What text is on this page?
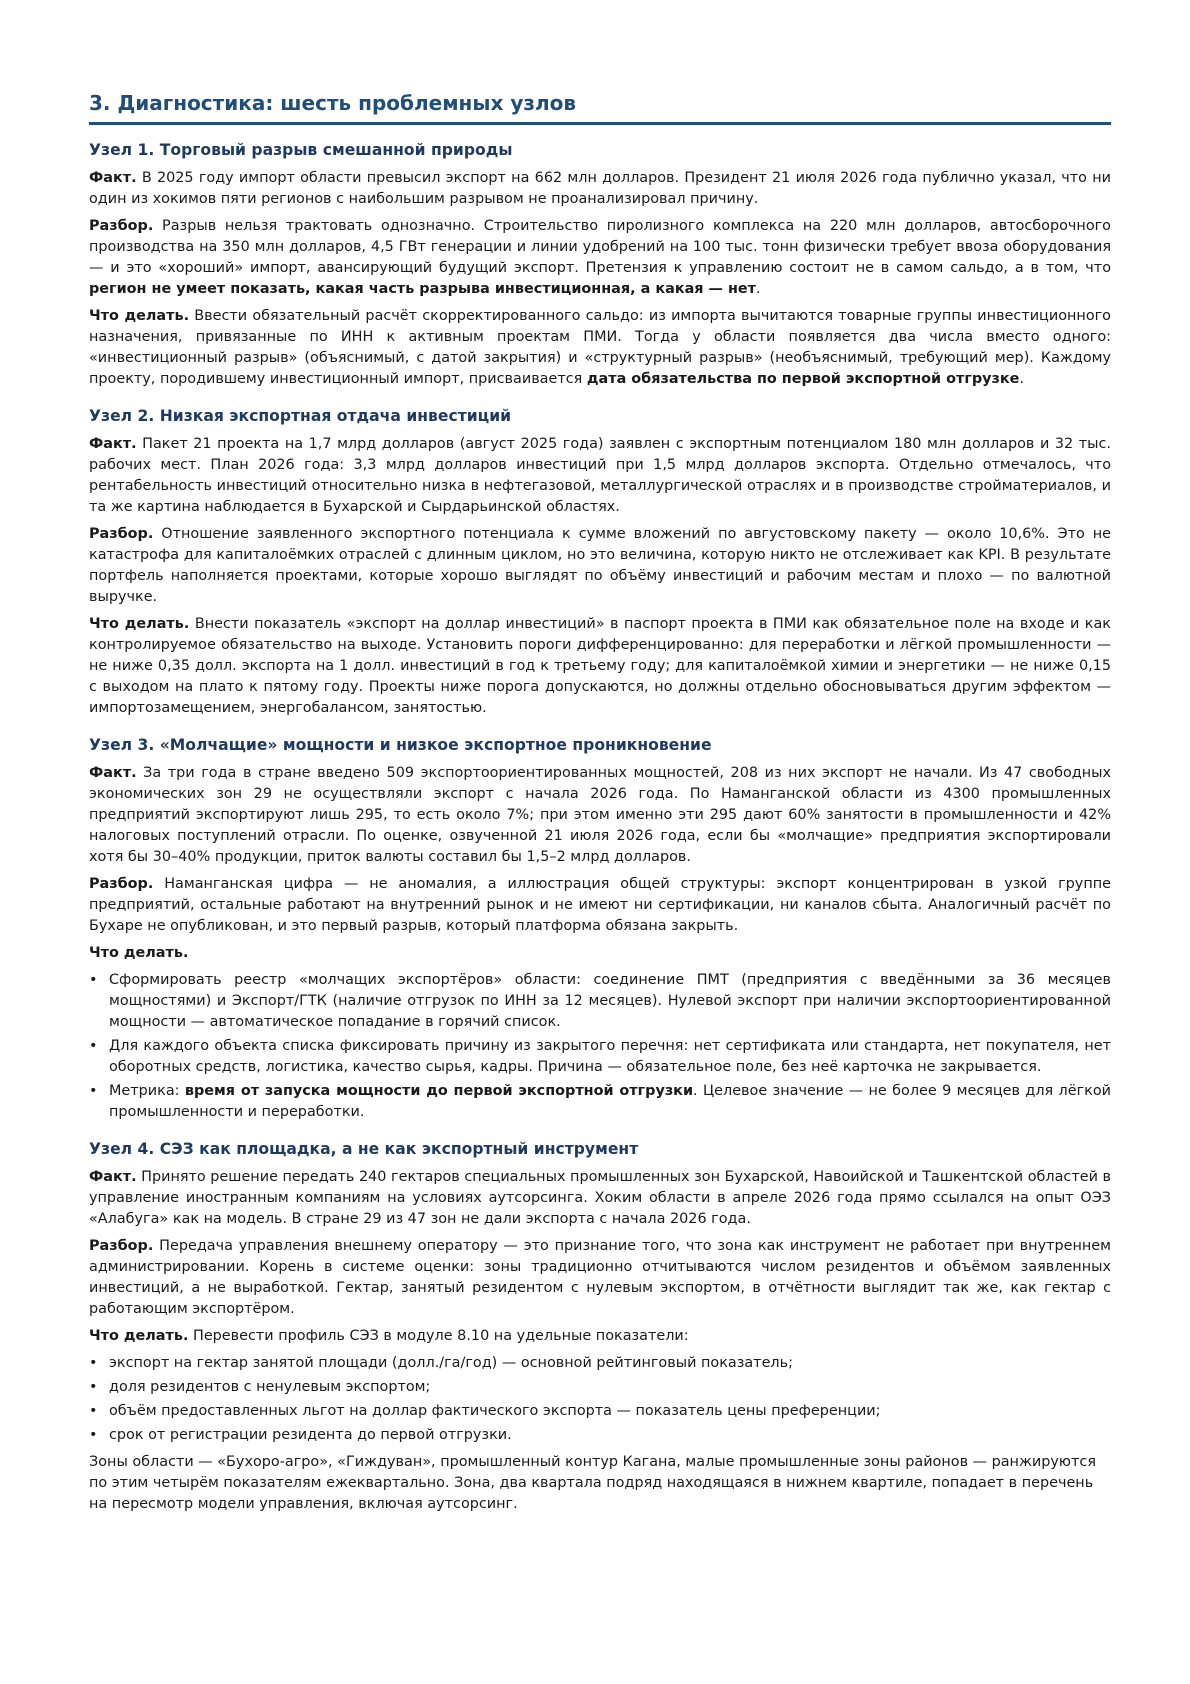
3. Диагностика: шесть проблемных узлов
Узел 1. Торговый разрыв смешанной природы

Факт. В 2025 году импорт области превысил экспорт на 662 млн долларов. Президент 21 июля 2026 года публично указал, что ни один из хокимов пяти регионов с наибольшим разрывом не проанализировал причину.

Разбор. Разрыв нельзя трактовать однозначно. Строительство пиролизного комплекса на 220 млн долларов, автосборочного производства на 350 млн долларов, 4,5 ГВт генерации и линии удобрений на 100 тыс. тонн физически требует ввоза оборудования — и это «хороший» импорт, авансирующий будущий экспорт. Претензия к управлению состоит не в самом сальдо, а в том, что регион не умеет показать, какая часть разрыва инвестиционная, а какая — нет.

Что делать. Ввести обязательный расчёт скорректированного сальдо: из импорта вычитаются товарные группы инвестиционного назначения, привязанные по ИНН к активным проектам ПМИ. Тогда у области появляется два числа вместо одного: «инвестиционный разрыв» (объяснимый, с датой закрытия) и «структурный разрыв» (необъяснимый, требующий мер). Каждому проекту, породившему инвестиционный импорт, присваивается дата обязательства по первой экспортной отгрузке.

Узел 2. Низкая экспортная отдача инвестиций

Факт. Пакет 21 проекта на 1,7 млрд долларов (август 2025 года) заявлен с экспортным потенциалом 180 млн долларов и 32 тыс. рабочих мест. План 2026 года: 3,3 млрд долларов инвестиций при 1,5 млрд долларов экспорта. Отдельно отмечалось, что рентабельность инвестиций относительно низка в нефтегазовой, металлургической отраслях и в производстве стройматериалов, и та же картина наблюдается в Бухарской и Сырдарьинской областях.

Разбор. Отношение заявленного экспортного потенциала к сумме вложений по августовскому пакету — около 10,6%. Это не катастрофа для капиталоёмких отраслей с длинным циклом, но это величина, которую никто не отслеживает как KPI. В результате портфель наполняется проектами, которые хорошо выглядят по объёму инвестиций и рабочим местам и плохо — по валютной выручке.

Что делать. Внести показатель «экспорт на доллар инвестиций» в паспорт проекта в ПМИ как обязательное поле на входе и как контролируемое обязательство на выходе. Установить пороги дифференцированно: для переработки и лёгкой промышленности — не ниже 0,35 долл. экспорта на 1 долл. инвестиций в год к третьему году; для капиталоёмкой химии и энергетики — не ниже 0,15 с выходом на плато к пятому году. Проекты ниже порога допускаются, но должны отдельно обосновываться другим эффектом — импортозамещением, энергобалансом, занятостью.

Узел 3. «Молчащие» мощности и низкое экспортное проникновение

Факт. За три года в стране введено 509 экспортоориентированных мощностей, 208 из них экспорт не начали. Из 47 свободных экономических зон 29 не осуществляли экспорт с начала 2026 года. По Наманганской области из 4300 промышленных предприятий экспортируют лишь 295, то есть около 7%; при этом именно эти 295 дают 60% занятости в промышленности и 42% налоговых поступлений отрасли. По оценке, озвученной 21 июля 2026 года, если бы «молчащие» предприятия экспортировали хотя бы 30–40% продукции, приток валюты составил бы 1,5–2 млрд долларов.

Разбор. Наманганская цифра — не аномалия, а иллюстрация общей структуры: экспорт концентрирован в узкой группе предприятий, остальные работают на внутренний рынок и не имеют ни сертификации, ни каналов сбыта. Аналогичный расчёт по Бухаре не опубликован, и это первый разрыв, который платформа обязана закрыть.

Что делать.

• Сформировать реестр «молчащих экспортёров» области: соединение ПМТ (предприятия с введёнными за 36 месяцев мощностями) и Экспорт/ГТК (наличие отгрузок по ИНН за 12 месяцев). Нулевой экспорт при наличии экспортоориентированной мощности — автоматическое попадание в горячий список.
• Для каждого объекта списка фиксировать причину из закрытого перечня: нет сертификата или стандарта, нет покупателя, нет оборотных средств, логистика, качество сырья, кадры. Причина — обязательное поле, без неё карточка не закрывается.
• Метрика: время от запуска мощности до первой экспортной отгрузки. Целевое значение — не более 9 месяцев для лёгкой промышленности и переработки.
Узел 4. СЭЗ как площадка, а не как экспортный инструмент

Факт. Принято решение передать 240 гектаров специальных промышленных зон Бухарской, Навоийской и Ташкентской областей в управление иностранным компаниям на условиях аутсорсинга. Хоким области в апреле 2026 года прямо ссылался на опыт ОЭЗ «Алабуга» как на модель. В стране 29 из 47 зон не дали экспорта с начала 2026 года.

Разбор. Передача управления внешнему оператору — это признание того, что зона как инструмент не работает при внутреннем администрировании. Корень в системе оценки: зоны традиционно отчитываются числом резидентов и объёмом заявленных инвестиций, а не выработкой. Гектар, занятый резидентом с нулевым экспортом, в отчётности выглядит так же, как гектар с работающим экспортёром.

Что делать. Перевести профиль СЭЗ в модуле 8.10 на удельные показатели:

• экспорт на гектар занятой площади (долл./га/год) — основной рейтинговый показатель;
• доля резидентов с ненулевым экспортом;
• объём предоставленных льгот на доллар фактического экспорта — показатель цены преференции;
• срок от регистрации резидента до первой отгрузки.

Зоны области — «Бухоро-агро», «Гиждуван», промышленный контур Кагана, малые промышленные зоны районов — ранжируются по этим четырём показателям ежеквартально. Зона, два квартала подряд находящаяся в нижнем квартиле, попадает в перечень на пересмотр модели управления, включая аутсорсинг.
